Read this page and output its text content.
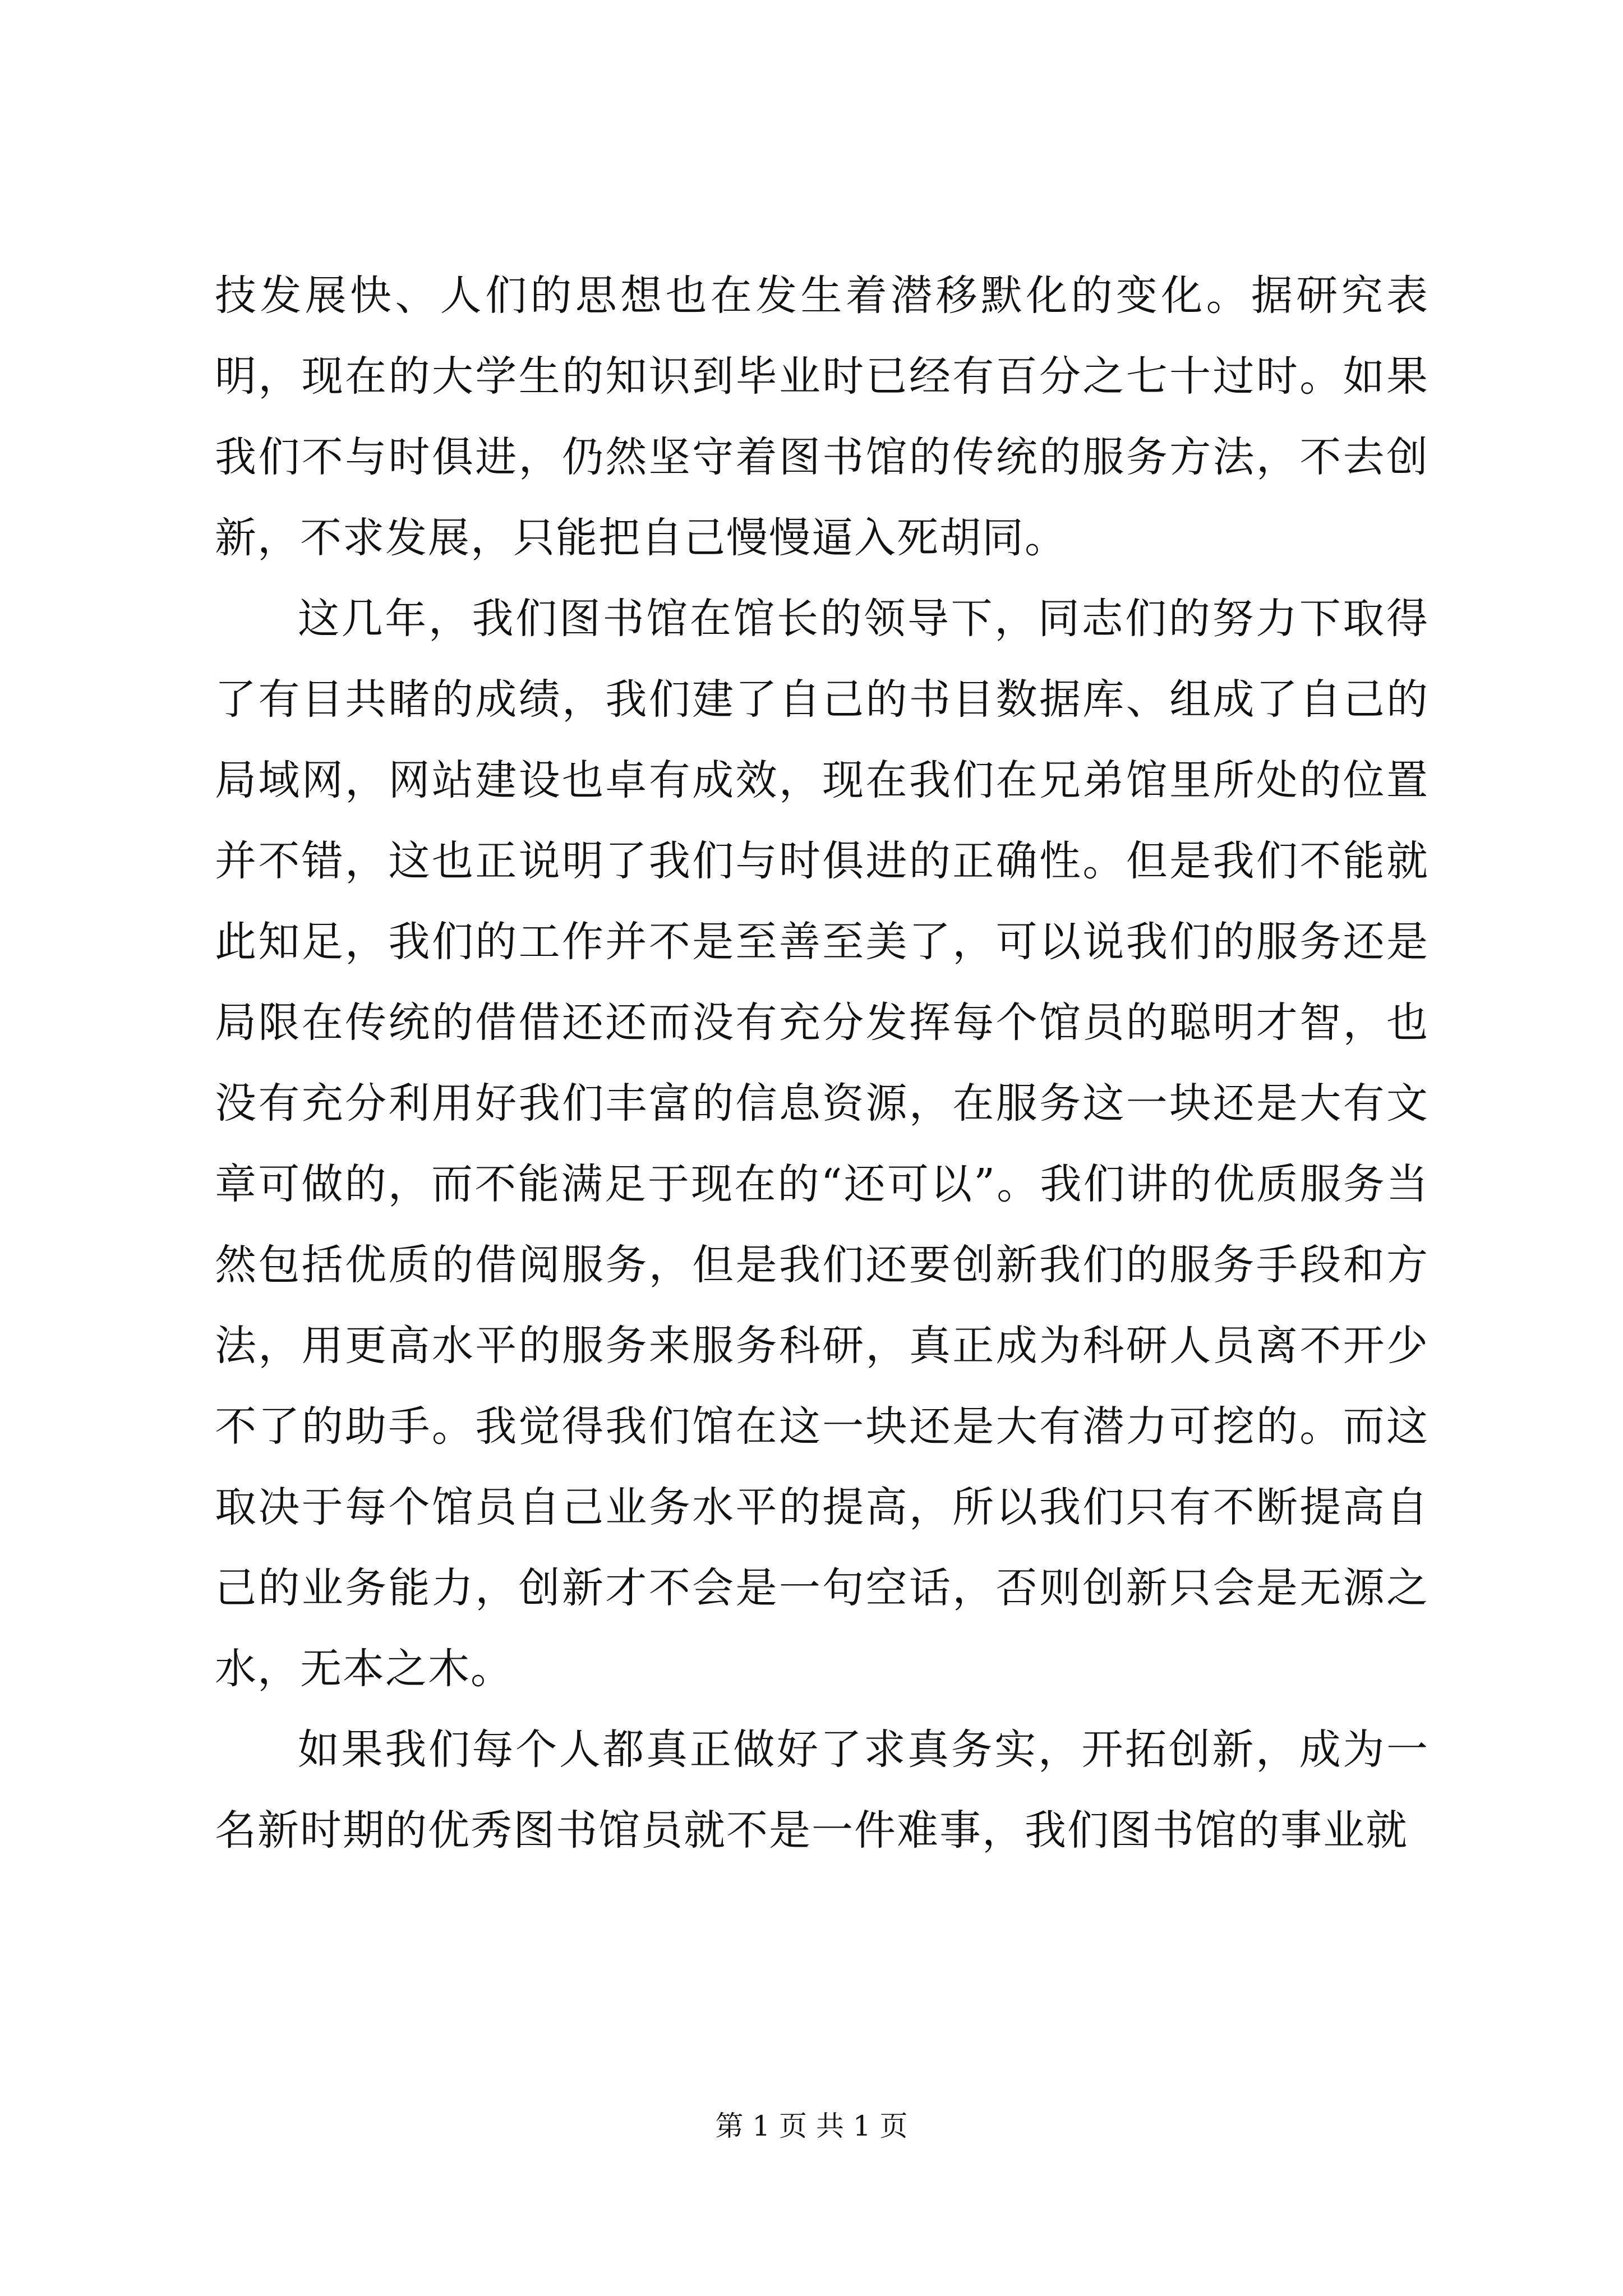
技发展快、人们的思想也在发生着潜移默化的变化。据研究表明，现在的大学生的知识到毕业时已经有百分之七十过时。如果我们不与时俱进，仍然坚守着图书馆的传统的服务方法，不去创新，不求发展，只能把自己慢慢逼入死胡同。

这几年，我们图书馆在馆长的领导下，同志们的努力下取得了有目共睹的成绩，我们建了自己的书目数据库、组成了自己的局域网，网站建设也卓有成效，现在我们在兄弟馆里所处的位置并不错，这也正说明了我们与时俱进的正确性。但是我们不能就此知足，我们的工作并不是至善至美了，可以说我们的服务还是局限在传统的借借还还而没有充分发挥每个馆员的聪明才智，也没有充分利用好我们丰富的信息资源，在服务这一块还是大有文章可做的，而不能满足于现在的“还可以”。我们讲的优质服务当然包括优质的借阅服务，但是我们还要创新我们的服务手段和方法，用更高水平的服务来服务科研，真正成为科研人员离不开少不了的助手。我觉得我们馆在这一块还是大有潜力可挖的。而这取决于每个馆员自己业务水平的提高，所以我们只有不断提高自己的业务能力，创新才不会是一句空话，否则创新只会是无源之水，无本之木。

如果我们每个人都真正做好了求真务实，开拓创新，成为一名新时期的优秀图书馆员就不是一件难事，我们图书馆的事业就

第 1 页 共 1 页
